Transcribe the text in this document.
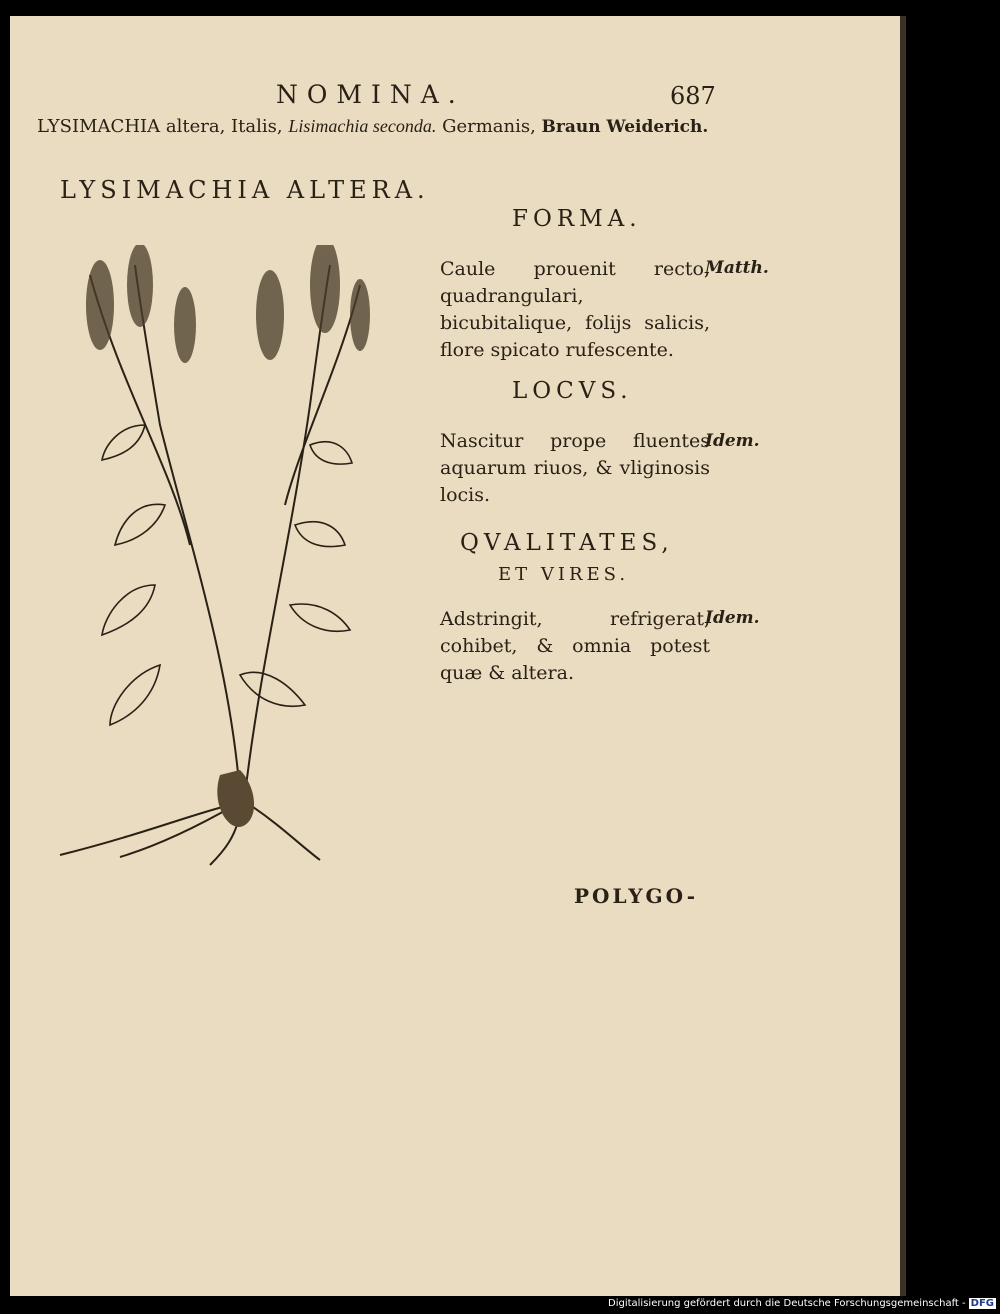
NOMINA.	687
LYSIMACHIA altera, Italis, Lisimachia seconda. Germanis, Braun Weiderich.
LYSIMACHIA ALTERA.
FORMA.
Caule prouenit recto, quadrangulari, bicubitalique, folijs salicis, flore spicato rufescente.
Matth.
LOCVS.
Nascitur prope fluentes aquarum riuos, & vliginosis locis.
Idem.
QVALITATES,
ET VIRES.
Adstringit, refrigerat, cohibet, & omnia potest quæ & altera.
Idem.
POLYGO-
Digitalisierung gefördert durch die Deutsche Forschungsgemeinschaft - DFG
